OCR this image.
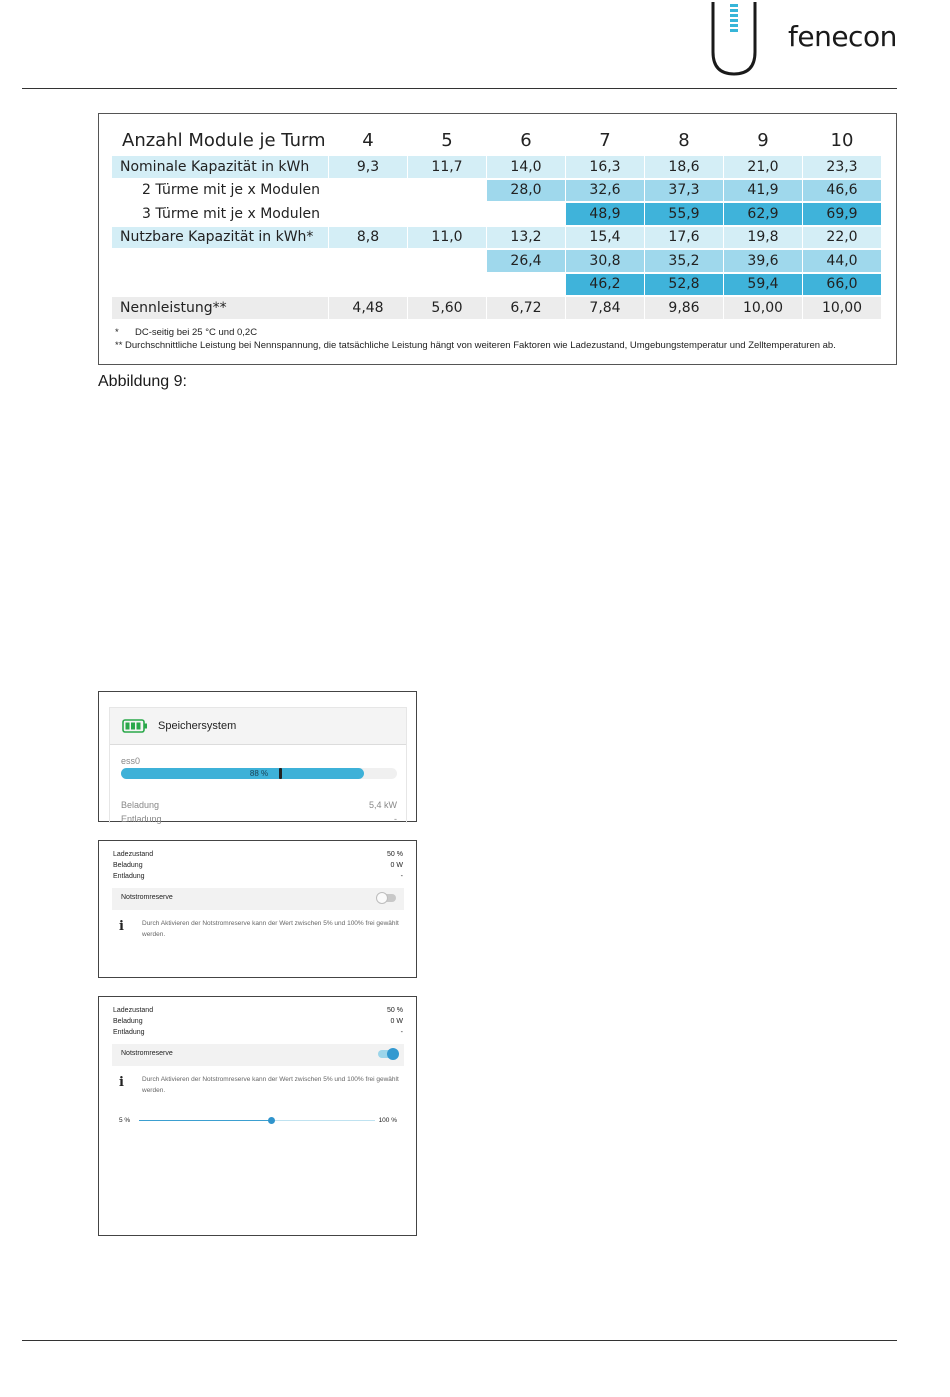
fenecon
Anzahl Module je Turm	4	5	6	7	8	9	10
Nominale Kapazität in kWh	9,3	11,7	14,0	16,3	18,6	21,0	23,3
2 Türme mit je x Modulen			28,0	32,6	37,3	41,9	46,6
3 Türme mit je x Modulen				48,9	55,9	62,9	69,9
Nutzbare Kapazität in kWh*	8,8	11,0	13,2	15,4	17,6	19,8	22,0
			26,4	30,8	35,2	39,6	44,0
				46,2	52,8	59,4	66,0
Nennleistung**	4,48	5,60	6,72	7,84	9,86	10,00	10,00
* DC-seitig bei 25 °C und 0,2C
** Durchschnittliche Leistung bei Nennspannung, die tatsächliche Leistung hängt von weiteren Faktoren wie Ladezustand, Umgebungstemperatur und Zelltemperaturen ab.
Abbildung 9:
Speichersystem
ess0
88 %
Beladung	5,4 kW
Entladung	-
Ladezustand	50 %
Beladung	0 W
Entladung	-
Notstromreserve
i	Durch Aktivieren der Notstromreserve kann der Wert zwischen 5% und 100% frei gewählt werden.
Ladezustand	50 %
Beladung	0 W
Entladung	-
Notstromreserve
i	Durch Aktivieren der Notstromreserve kann der Wert zwischen 5% und 100% frei gewählt werden.
5 %	100 %
